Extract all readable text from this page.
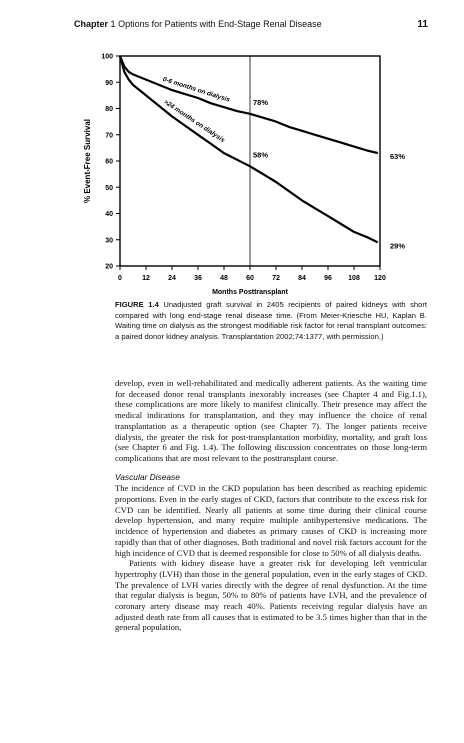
Chapter 1 Options for Patients with End-Stage Renal Disease	11
0	12	24	36	48	60	72	84	96 108 120
20
30
40
50
60
70
80
90
100
Months Posttransplant
% Event-Free Survival
0-6 months on dialysis
>24 months on dialysis	78%
58%	63%
29%
FIGURE 1.4 Unadjusted graft survival in 2405 recipients of paired kidneys with short compared with long end-stage renal disease time. (From Meier-Kriesche HU, Kaplan B. Waiting time on dialysis as the strongest modifiable risk factor for renal transplant outcomes: a paired donor kidney analysis. Transplantation 2002;74:1377, with permission.)

develop, even in well-rehabilitated and medically adherent patients. As the waiting time for deceased donor renal transplants inexorably increases (see Chapter 4 and Fig.1.1), these complications are more likely to manifest clinically. Their presence may affect the medical indications for transplantation, and they may influence the choice of renal transplantation as a therapeutic option (see Chapter 7). The longer patients receive dialysis, the greater the risk for post-transplantation morbidity, mortality, and graft loss (see Chapter 6 and Fig. 1.4). The following discussion concentrates on those long-term complications that are most relevant to the posttransplant course.

Vascular Disease

The incidence of CVD in the CKD population has been described as reaching epidemic proportions. Even in the early stages of CKD, factors that contribute to the excess risk for CVD can be identified. Nearly all patients at some time during their clinical course develop hypertension, and many require multiple antihypertensive medications. The incidence of hypertension and diabetes as primary causes of CKD is increasing more rapidly than that of other diagnoses. Both traditional and novel risk factors account for the high incidence of CVD that is deemed responsible for close to 50% of all dialysis deaths.

Patients with kidney disease have a greater risk for developing left ventricular hypertrophy (LVH) than those in the general population, even in the early stages of CKD. The prevalence of LVH varies directly with the degree of renal dysfunction. At the time that regular dialysis is begun, 50% to 80% of patients have LVH, and the prevalence of coronary artery disease may reach 40%. Patients receiving regular dialysis have an adjusted death rate from all causes that is estimated to be 3.5 times higher than that in the general population,
